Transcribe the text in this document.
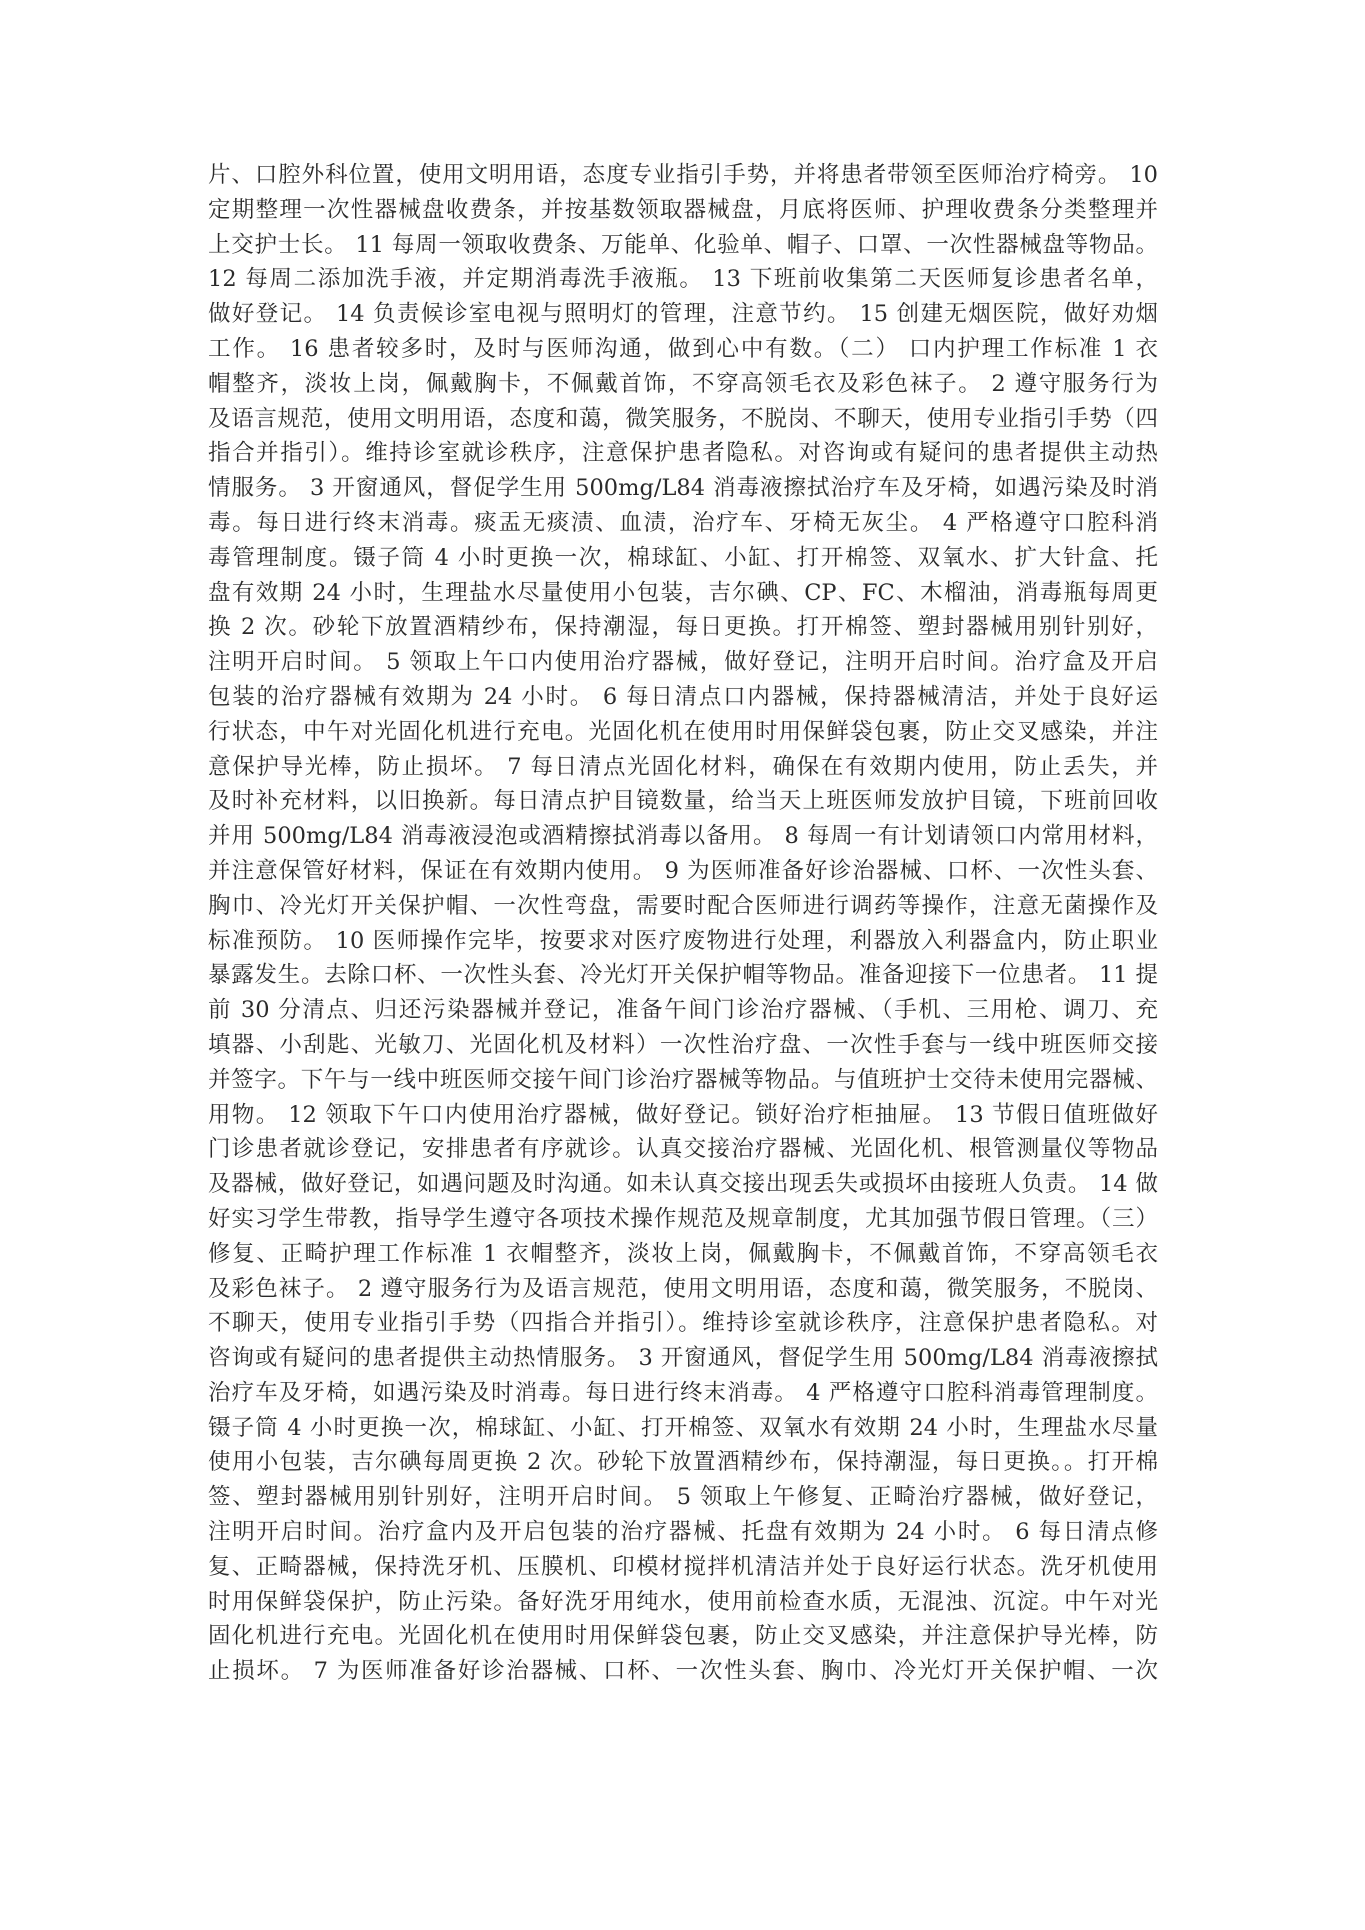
片、口腔外科位置，使用文明用语，态度专业指引手势，并将患者带领至医师治疗椅旁。 10
定期整理一次性器械盘收费条，并按基数领取器械盘，月底将医师、护理收费条分类整理并
上交护士长。 11 每周一领取收费条、万能单、化验单、帽子、口罩、一次性器械盘等物品。
12 每周二添加洗手液，并定期消毒洗手液瓶。 13 下班前收集第二天医师复诊患者名单，
做好登记。 14 负责候诊室电视与照明灯的管理，注意节约。 15 创建无烟医院，做好劝烟
工作。 16 患者较多时，及时与医师沟通，做到心中有数。（二） 口内护理工作标准 1 衣
帽整齐，淡妆上岗，佩戴胸卡，不佩戴首饰，不穿高领毛衣及彩色袜子。 2 遵守服务行为
及语言规范，使用文明用语，态度和蔼，微笑服务，不脱岗、不聊天，使用专业指引手势（四
指合并指引）。维持诊室就诊秩序，注意保护患者隐私。对咨询或有疑问的患者提供主动热
情服务。 3 开窗通风，督促学生用 500mg/L84 消毒液擦拭治疗车及牙椅，如遇污染及时消
毒。每日进行终末消毒。痰盂无痰渍、血渍，治疗车、牙椅无灰尘。 4 严格遵守口腔科消
毒管理制度。镊子筒 4 小时更换一次，棉球缸、小缸、打开棉签、双氧水、扩大针盒、托
盘有效期 24 小时，生理盐水尽量使用小包装，吉尔碘、CP、FC、木榴油，消毒瓶每周更
换 2 次。砂轮下放置酒精纱布，保持潮湿，每日更换。打开棉签、塑封器械用别针别好，
注明开启时间。 5 领取上午口内使用治疗器械，做好登记，注明开启时间。治疗盒及开启
包装的治疗器械有效期为 24 小时。 6 每日清点口内器械，保持器械清洁，并处于良好运
行状态，中午对光固化机进行充电。光固化机在使用时用保鲜袋包裹，防止交叉感染，并注
意保护导光棒，防止损坏。 7 每日清点光固化材料，确保在有效期内使用，防止丢失，并
及时补充材料，以旧换新。每日清点护目镜数量，给当天上班医师发放护目镜，下班前回收
并用 500mg/L84 消毒液浸泡或酒精擦拭消毒以备用。 8 每周一有计划请领口内常用材料，
并注意保管好材料，保证在有效期内使用。 9 为医师准备好诊治器械、口杯、一次性头套、
胸巾、冷光灯开关保护帽、一次性弯盘，需要时配合医师进行调药等操作，注意无菌操作及
标准预防。 10 医师操作完毕，按要求对医疗废物进行处理，利器放入利器盒内，防止职业
暴露发生。去除口杯、一次性头套、冷光灯开关保护帽等物品。准备迎接下一位患者。 11 提
前 30 分清点、归还污染器械并登记，准备午间门诊治疗器械、（手机、三用枪、调刀、充
填器、小刮匙、光敏刀、光固化机及材料）一次性治疗盘、一次性手套与一线中班医师交接
并签字。下午与一线中班医师交接午间门诊治疗器械等物品。与值班护士交待未使用完器械、
用物。 12 领取下午口内使用治疗器械，做好登记。锁好治疗柜抽屉。 13 节假日值班做好
门诊患者就诊登记，安排患者有序就诊。认真交接治疗器械、光固化机、根管测量仪等物品
及器械，做好登记，如遇问题及时沟通。如未认真交接出现丢失或损坏由接班人负责。 14 做
好实习学生带教，指导学生遵守各项技术操作规范及规章制度，尤其加强节假日管理。（三）
修复、正畸护理工作标准 1 衣帽整齐，淡妆上岗，佩戴胸卡，不佩戴首饰，不穿高领毛衣
及彩色袜子。 2 遵守服务行为及语言规范，使用文明用语，态度和蔼，微笑服务，不脱岗、
不聊天，使用专业指引手势（四指合并指引）。维持诊室就诊秩序，注意保护患者隐私。对
咨询或有疑问的患者提供主动热情服务。 3 开窗通风，督促学生用 500mg/L84 消毒液擦拭
治疗车及牙椅，如遇污染及时消毒。每日进行终末消毒。 4 严格遵守口腔科消毒管理制度。
镊子筒 4 小时更换一次，棉球缸、小缸、打开棉签、双氧水有效期 24 小时，生理盐水尽量
使用小包装，吉尔碘每周更换 2 次。砂轮下放置酒精纱布，保持潮湿，每日更换。。打开棉
签、塑封器械用别针别好，注明开启时间。 5 领取上午修复、正畸治疗器械，做好登记，
注明开启时间。治疗盒内及开启包装的治疗器械、托盘有效期为 24 小时。 6 每日清点修
复、正畸器械，保持洗牙机、压膜机、印模材搅拌机清洁并处于良好运行状态。洗牙机使用
时用保鲜袋保护，防止污染。备好洗牙用纯水，使用前检查水质，无混浊、沉淀。中午对光
固化机进行充电。光固化机在使用时用保鲜袋包裹，防止交叉感染，并注意保护导光棒，防
止损坏。 7 为医师准备好诊治器械、口杯、一次性头套、胸巾、冷光灯开关保护帽、一次
